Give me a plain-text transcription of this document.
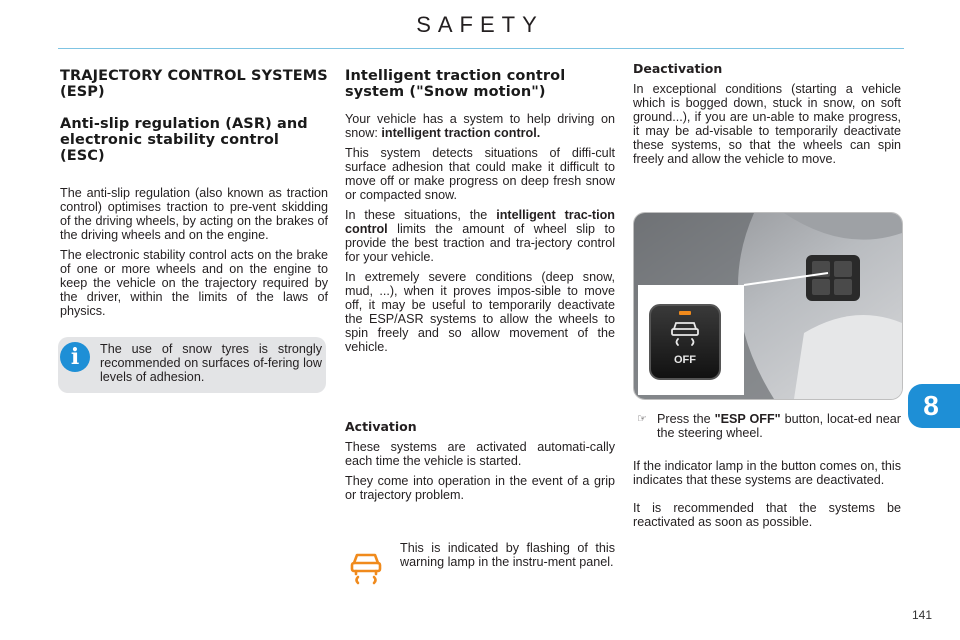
SAFETY
TRAJECTORY CONTROL SYSTEMS (ESP)
Anti-slip regulation (ASR) and electronic stability control (ESC)

The anti-slip regulation (also known as traction control) optimises traction to pre-vent skidding of the driving wheels, by acting on the brakes of the driving wheels and on the engine.

The electronic stability control acts on the brake of one or more wheels and on the engine to keep the vehicle on the trajectory required by the driver, within the limits of the laws of physics.

i	The use of snow tyres is strongly recommended on surfaces of-fering low levels of adhesion.
Intelligent traction control system ("Snow motion")

Your vehicle has a system to help driving on snow: intelligent traction control.

This system detects situations of diffi-cult surface adhesion that could make it difficult to move off or make progress on deep fresh snow or compacted snow.

In these situations, the intelligent trac-tion control limits the amount of wheel slip to provide the best traction and tra-jectory control for your vehicle.

In extremely severe conditions (deep snow, mud, ...), when it proves impos-sible to move off, it may be useful to temporarily deactivate the ESP/ASR systems to allow the wheels to spin freely and so allow movement of the vehicle.

Activation

These systems are activated automati-cally each time the vehicle is started.

They come into operation in the event of a grip or trajectory problem.

This is indicated by flashing of this warning lamp in the instru-ment panel.
Deactivation

In exceptional conditions (starting a vehicle which is bogged down, stuck in snow, on soft ground...), if you are un-able to make progress, it may be ad-visable to temporarily deactivate these systems, so that the wheels can spin freely and allow the vehicle to move.

OFF
☞ Press the "ESP OFF" button, locat-ed near the steering wheel.

If the indicator lamp in the button comes on, this indicates that these systems are deactivated.

It is recommended that the systems be reactivated as soon as possible.

8
141
